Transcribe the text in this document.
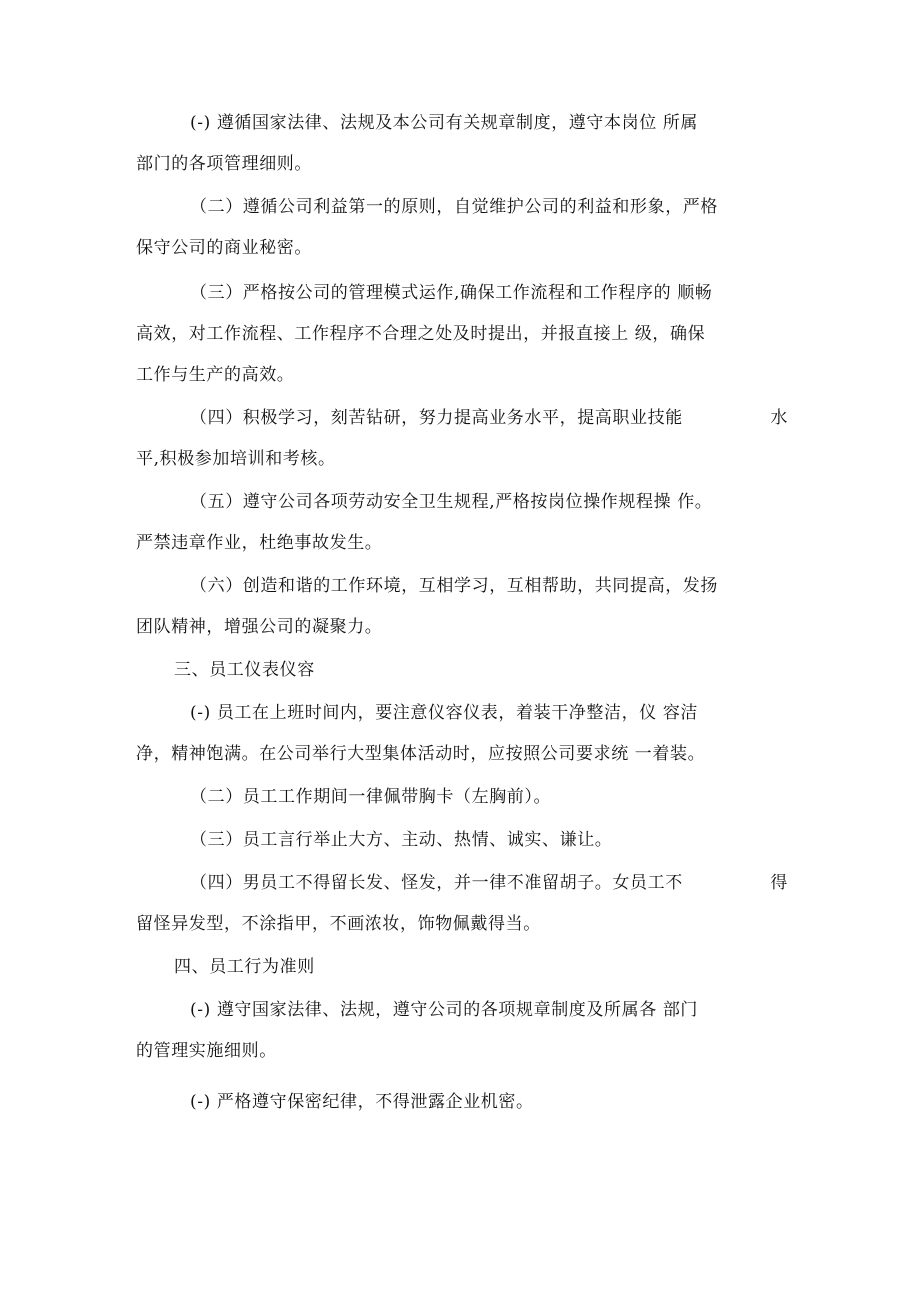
(-) 遵循国家法律、法规及本公司有关规章制度，遵守本岗位 所属
部门的各项管理细则。
（二）遵循公司利益第一的原则，自觉维护公司的利益和形象，严格
保守公司的商业秘密。
（三）严格按公司的管理模式运作,确保工作流程和工作程序的 顺畅
高效，对工作流程、工作程序不合理之处及时提出，并报直接上 级，确保
工作与生产的高效。
（四）积极学习，刻苦钻研，努力提高业务水平，提高职业技能	水
平,积极参加培训和考核。
（五）遵守公司各项劳动安全卫生规程,严格按岗位操作规程操 作。
严禁违章作业，杜绝事故发生。
（六）创造和谐的工作环境，互相学习，互相帮助，共同提高，发扬
团队精神，增强公司的凝聚力。
三、员工仪表仪容
(-) 员工在上班时间内，要注意仪容仪表，着装干净整洁，仪 容洁
净，精神饱满。在公司举行大型集体活动时，应按照公司要求统 一着装。
（二）员工工作期间一律佩带胸卡（左胸前）。
（三）员工言行举止大方、主动、热情、诚实、谦让。
（四）男员工不得留长发、怪发，并一律不准留胡子。女员工不	得
留怪异发型，不涂指甲，不画浓妆，饰物佩戴得当。
四、员工行为准则
(-) 遵守国家法律、法规，遵守公司的各项规章制度及所属各 部门
的管理实施细则。
(-) 严格遵守保密纪律，不得泄露企业机密。
